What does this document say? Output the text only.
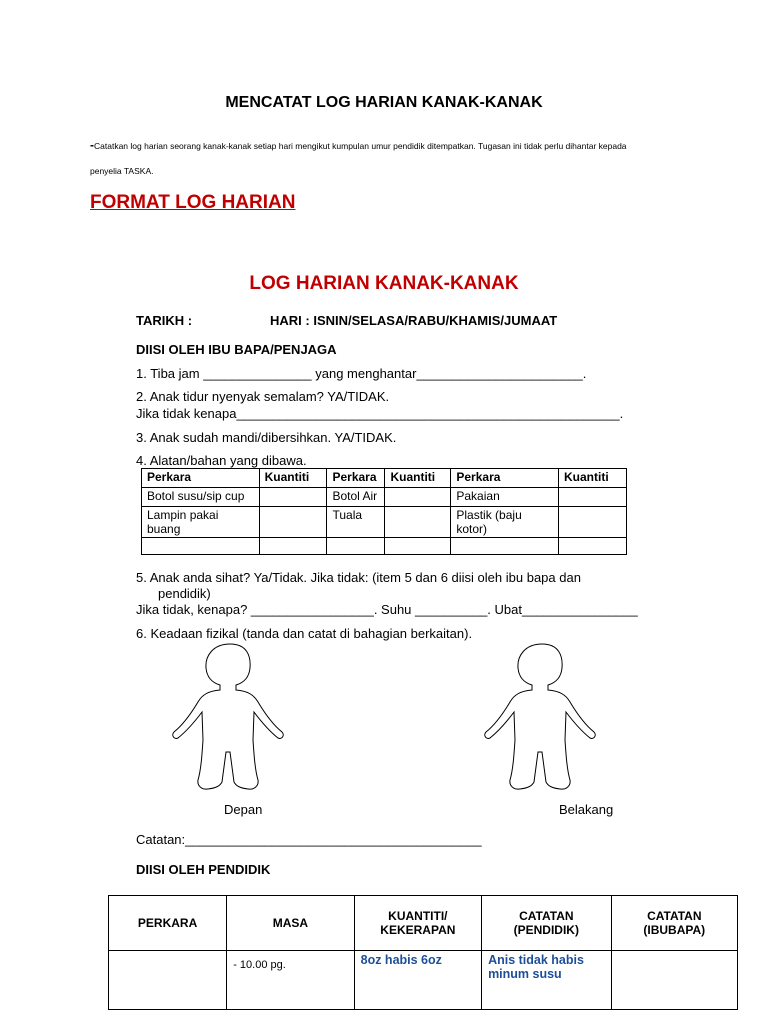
MENCATAT LOG HARIAN KANAK-KANAK
-Catatkan log harian seorang kanak-kanak setiap hari mengikut kumpulan umur pendidik ditempatkan. Tugasan ini tidak perlu dihantar kepada
penyelia TASKA.
FORMAT LOG HARIAN
LOG HARIAN KANAK-KANAK
TARIKH :	HARI : ISNIN/SELASA/RABU/KHAMIS/JUMAAT
DIISI OLEH IBU BAPA/PENJAGA
1. Tiba jam _______________ yang menghantar_______________________.
2. Anak tidur nyenyak semalam? YA/TIDAK.
Jika tidak kenapa_____________________________________________________.
3. Anak sudah mandi/dibersihkan. YA/TIDAK.
4. Alatan/bahan yang dibawa.
Perkara	Kuantiti	Perkara	Kuantiti	Perkara	Kuantiti
Botol susu/sip cup		Botol Air		Pakaian	
Lampin pakai buang		Tuala		Plastik (baju kotor)	

5. Anak anda sihat? Ya/Tidak. Jika tidak: (item 5 dan 6 diisi oleh ibu bapa dan
pendidik)
Jika tidak, kenapa? _________________. Suhu __________. Ubat________________
6. Keadaan fizikal (tanda dan catat di bahagian berkaitan).
Depan	Belakang
Catatan:_________________________________________
DIISI OLEH PENDIDIK
PERKARA	MASA	KUANTITI/ KEKERAPAN	CATATAN (PENDIDIK)	CATATAN (IBUBAPA)
	- 10.00 pg.	8oz habis 6oz	Anis tidak habis minum susu	
